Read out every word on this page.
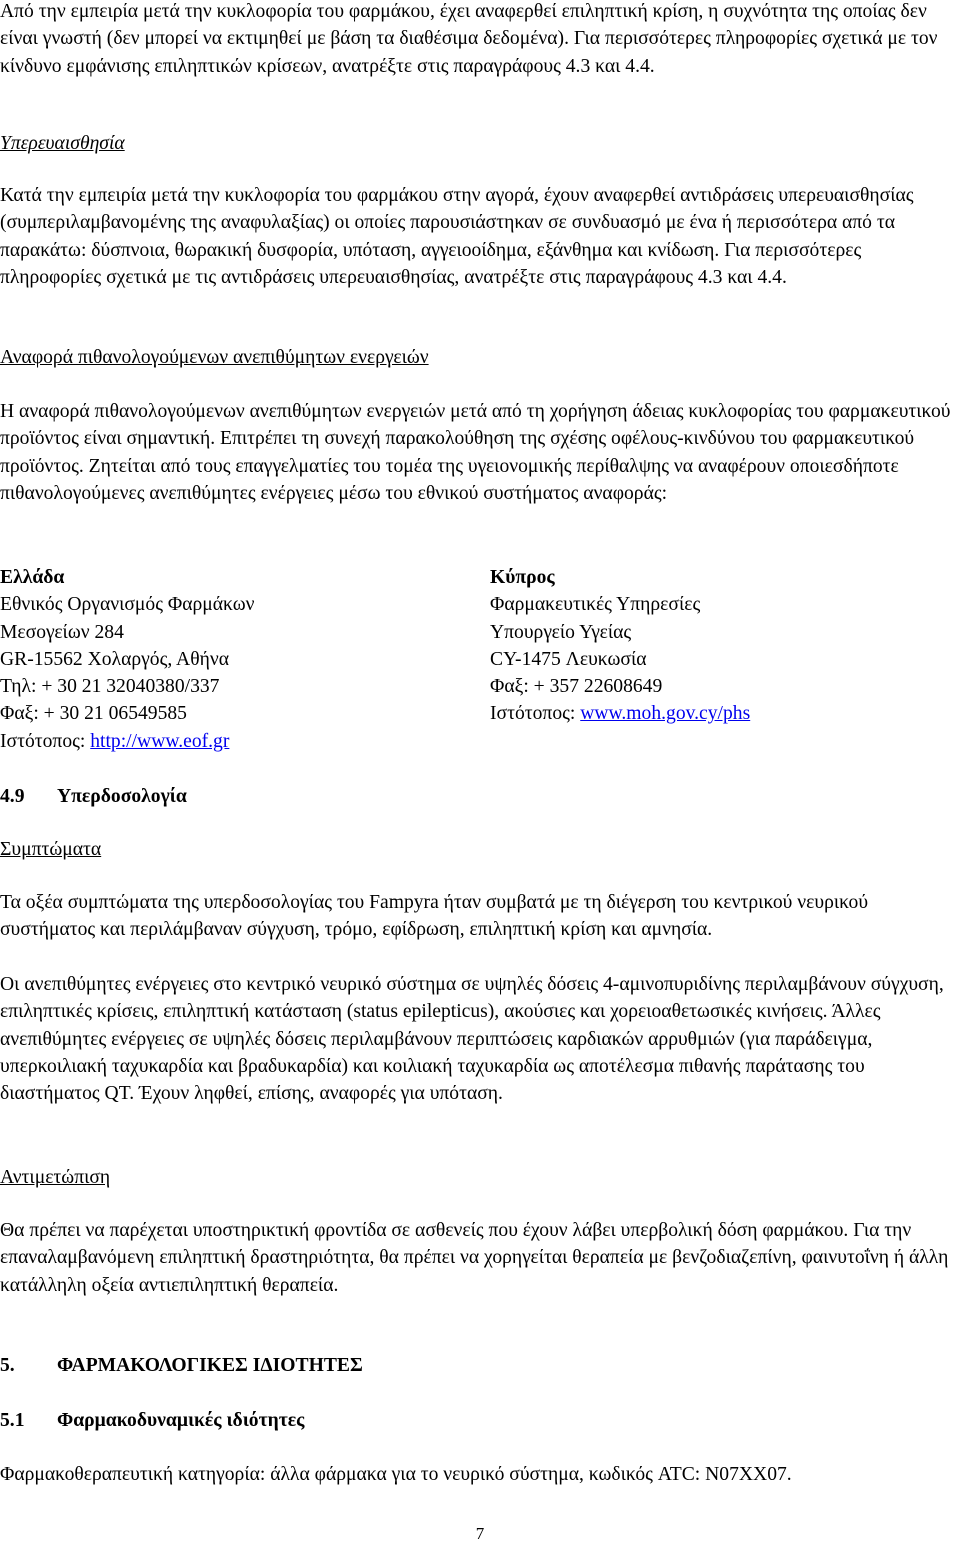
Από την εμπειρία μετά την κυκλοφορία του φαρμάκου, έχει αναφερθεί επιληπτική κρίση, η συχνότητα της οποίας δεν είναι γνωστή (δεν μπορεί να εκτιμηθεί με βάση τα διαθέσιμα δεδομένα). Για περισσότερες πληροφορίες σχετικά με τον κίνδυνο εμφάνισης επιληπτικών κρίσεων, ανατρέξτε στις παραγράφους 4.3 και 4.4.

Υπερευαισθησία

Κατά την εμπειρία μετά την κυκλοφορία του φαρμάκου στην αγορά, έχουν αναφερθεί αντιδράσεις υπερευαισθησίας (συμπεριλαμβανομένης της αναφυλαξίας) οι οποίες παρουσιάστηκαν σε συνδυασμό με ένα ή περισσότερα από τα παρακάτω: δύσπνοια, θωρακική δυσφορία, υπόταση, αγγειοοίδημα, εξάνθημα και κνίδωση. Για περισσότερες πληροφορίες σχετικά με τις αντιδράσεις υπερευαισθησίας, ανατρέξτε στις παραγράφους 4.3 και 4.4.

Αναφορά πιθανολογούμενων ανεπιθύμητων ενεργειών

Η αναφορά πιθανολογούμενων ανεπιθύμητων ενεργειών μετά από τη χορήγηση άδειας κυκλοφορίας του φαρμακευτικού προϊόντος είναι σημαντική. Επιτρέπει τη συνεχή παρακολούθηση της σχέσης οφέλους-κινδύνου του φαρμακευτικού προϊόντος. Ζητείται από τους επαγγελματίες του τομέα της υγειονομικής περίθαλψης να αναφέρουν οποιεσδήποτε πιθανολογούμενες ανεπιθύμητες ενέργειες μέσω του εθνικού συστήματος αναφοράς:

Ελλάδα

Εθνικός Οργανισμός Φαρμάκων

Μεσογείων 284

GR-15562 Χολαργός, Αθήνα

Τηλ: + 30 21 32040380/337

Φαξ: + 30 21 06549585

Ιστότοπος: http://www.eof.gr

Κύπρος

Φαρμακευτικές Υπηρεσίες

Υπουργείο Υγείας

CY-1475 Λευκωσία

Φαξ: + 357 22608649

Ιστότοπος: www.moh.gov.cy/phs

4.9 Υπερδοσολογία

Συμπτώματα

Τα οξέα συμπτώματα της υπερδοσολογίας του Fampyra ήταν συμβατά με τη διέγερση του κεντρικού νευρικού συστήματος και περιλάμβαναν σύγχυση, τρόμο, εφίδρωση, επιληπτική κρίση και αμνησία.

Οι ανεπιθύμητες ενέργειες στο κεντρικό νευρικό σύστημα σε υψηλές δόσεις 4-αμινοπυριδίνης περιλαμβάνουν σύγχυση, επιληπτικές κρίσεις, επιληπτική κατάσταση (status epilepticus), ακούσιες και χορειοαθετωσικές κινήσεις. Άλλες ανεπιθύμητες ενέργειες σε υψηλές δόσεις περιλαμβάνουν περιπτώσεις καρδιακών αρρυθμιών (για παράδειγμα, υπερκοιλιακή ταχυκαρδία και βραδυκαρδία) και κοιλιακή ταχυκαρδία ως αποτέλεσμα πιθανής παράτασης του διαστήματος QT. Έχουν ληφθεί, επίσης, αναφορές για υπόταση.

Αντιμετώπιση

Θα πρέπει να παρέχεται υποστηρικτική φροντίδα σε ασθενείς που έχουν λάβει υπερβολική δόση φαρμάκου. Για την επαναλαμβανόμενη επιληπτική δραστηριότητα, θα πρέπει να χορηγείται θεραπεία με βενζοδιαζεπίνη, φαινυτοΐνη ή άλλη κατάλληλη οξεία αντιεπιληπτική θεραπεία.

5. ΦΑΡΜΑΚΟΛΟΓΙΚΕΣ ΙΔΙΟΤΗΤΕΣ

5.1 Φαρμακοδυναμικές ιδιότητες

Φαρμακοθεραπευτική κατηγορία: άλλα φάρμακα για το νευρικό σύστημα, κωδικός ATC: N07XX07.

7
